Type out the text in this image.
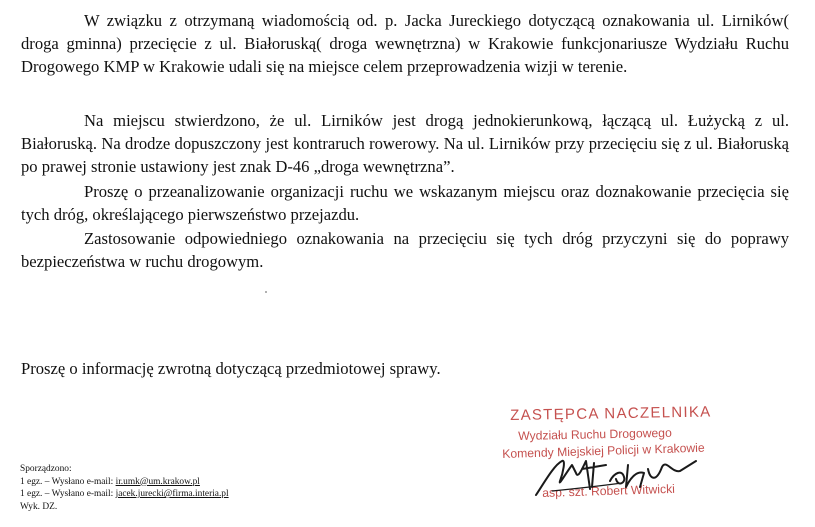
W związku z otrzymaną wiadomością od. p. Jacka Jureckiego dotyczącą oznakowania ul. Lirników( droga gminna) przecięcie z ul. Białoruską( droga wewnętrzna) w Krakowie funkcjonariusze Wydziału Ruchu Drogowego KMP w Krakowie udali się na miejsce celem przeprowadzenia wizji w terenie.

Na miejscu stwierdzono, że ul. Lirników jest drogą jednokierunkową, łączącą ul. Łużycką z ul. Białoruską. Na drodze dopuszczony jest kontraruch rowerowy. Na ul. Lirników przy przecięciu się z ul. Białoruską po prawej stronie ustawiony jest znak D-46 „droga wewnętrzna”.

Proszę o przeanalizowanie organizacji ruchu we wskazanym miejscu oraz doznakowanie przecięcia się tych dróg, określającego pierwszeństwo przejazdu.

Zastosowanie odpowiedniego oznakowania na przecięciu się tych dróg przyczyni się do poprawy bezpieczeństwa w ruchu drogowym.

Proszę o informację zwrotną dotyczącą przedmiotowej sprawy.

ZASTĘPCA NACZELNIKA
Wydziału Ruchu Drogowego
Komendy Miejskiej Policji w Krakowie
asp. szt. Robert Witwicki
Sporządzono:
1 egz. – Wysłano e-mail: ir.umk@um.krakow.pl
1 egz. – Wysłano e-mail: jacek.jurecki@firma.interia.pl
Wyk. DZ.
